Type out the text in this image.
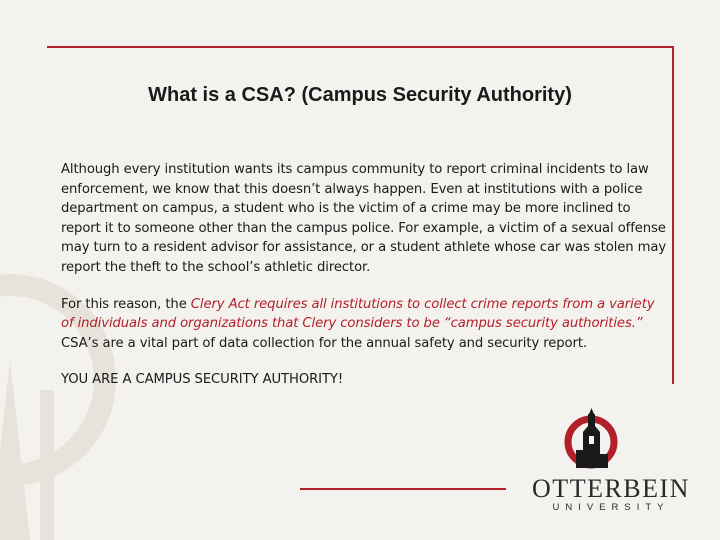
What is a CSA? (Campus Security Authority)

Although every institution wants its campus community to report criminal incidents to law enforcement, we know that this doesn’t always happen. Even at institutions with a police department on campus, a student who is the victim of a crime may be more inclined to report it to someone other than the campus police. For example, a victim of a sexual offense may turn to a resident advisor for assistance, or a student athlete whose car was stolen may report the theft to the school’s athletic director.

For this reason, the Clery Act requires all institutions to collect crime reports from a variety of individuals and organizations that Clery considers to be “campus security authorities.” CSA’s are a vital part of data collection for the annual safety and security report.

YOU ARE A CAMPUS SECURITY AUTHORITY!

OTTERBEIN
UNIVERSITY
